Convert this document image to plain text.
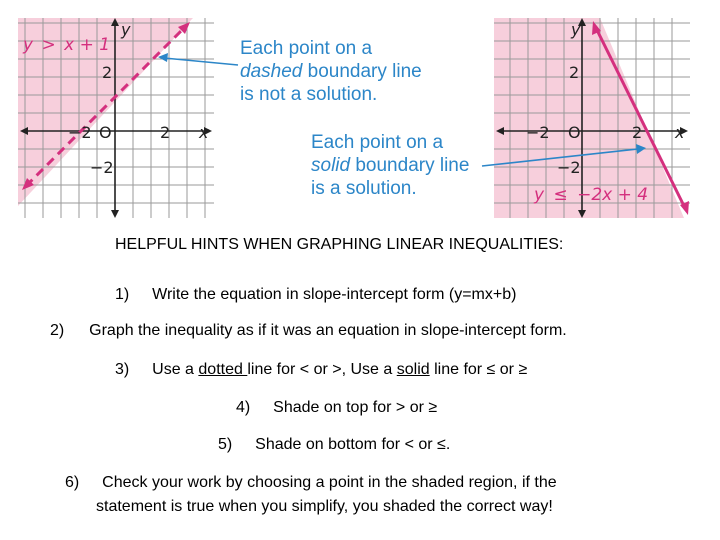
y
x
−2 O	2
2
−2
y > x + 1	Each point on a
dashed boundary line
is not a solution.
y
x
−2 O	2
2
−2
y ≤ −2x + 4
Each point on a
solid boundary line
is a solution.
HELPFUL HINTS WHEN GRAPHING LINEAR INEQUALITIES:
1) Write the equation in slope-intercept form (y=mx+b)
2) Graph the inequality as if it was an equation in slope-intercept form.
3) Use a dotted line for < or >, Use a solid line for ≤ or ≥
4) Shade on top for > or ≥
5) Shade on bottom for < or ≤.
6) Check your work by choosing a point in the shaded region, if the
statement is true when you simplify, you shaded the correct way!
